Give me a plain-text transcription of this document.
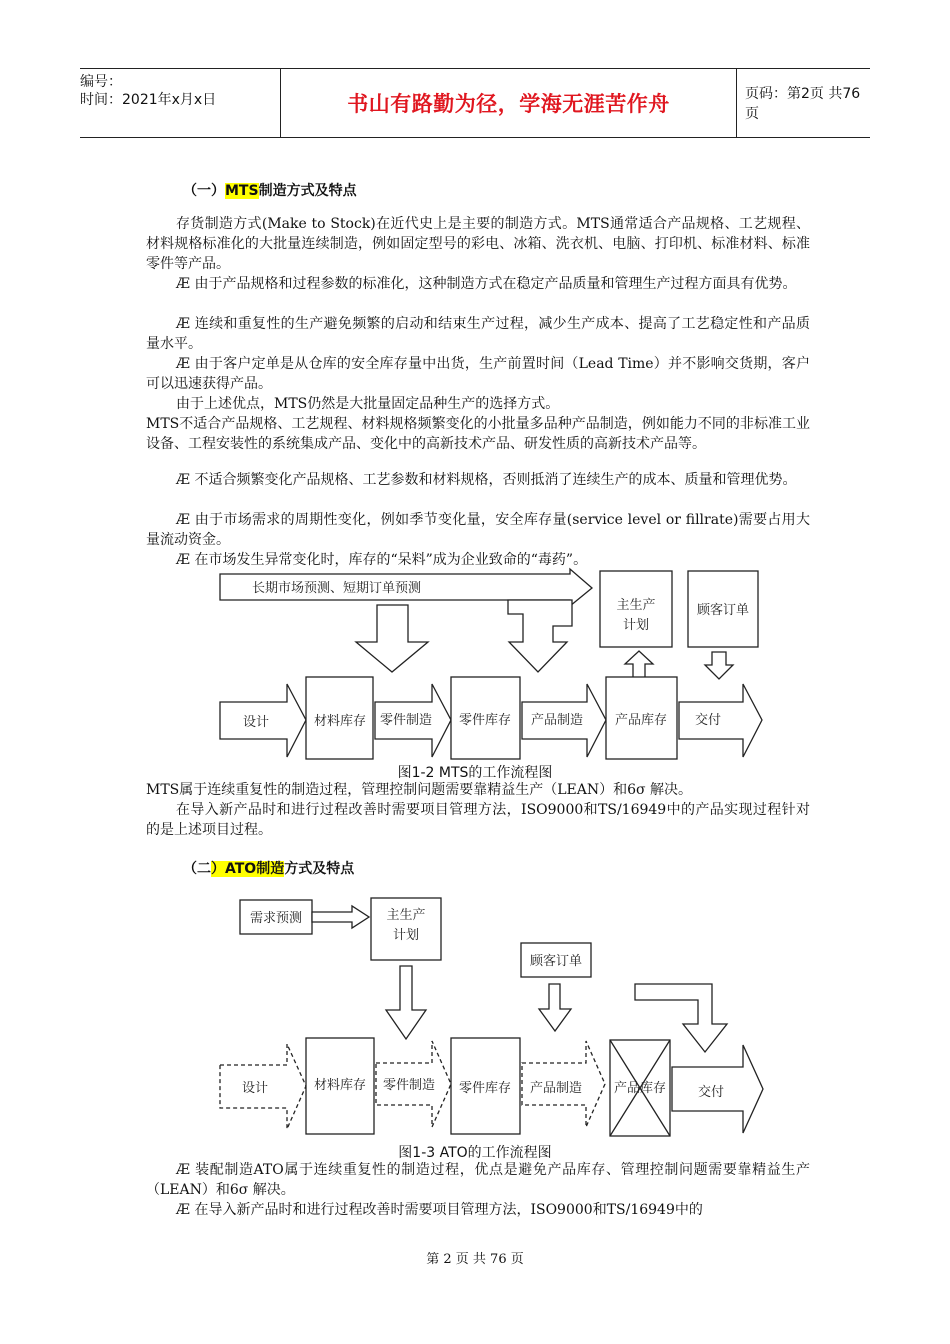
编号：
时间：2021年x月x日	书山有路勤为径，学海无涯苦作舟	页码：第2页 共76页
（一）MTS制造方式及特点
存货制造方式(Make to Stock)在近代史上是主要的制造方式。MTS通常适合产品规格、工艺规程、材料规格标准化的大批量连续制造，例如固定型号的彩电、冰箱、洗衣机、电脑、打印机、标准材料、标准零件等产品。
Æ 由于产品规格和过程参数的标准化，这种制造方式在稳定产品质量和管理生产过程方面具有优势。
Æ 连续和重复性的生产避免频繁的启动和结束生产过程，减少生产成本、提高了工艺稳定性和产品质量水平。
Æ 由于客户定单是从仓库的安全库存量中出货，生产前置时间（Lead Time）并不影响交货期，客户可以迅速获得产品。
由于上述优点，MTS仍然是大批量固定品种生产的选择方式。
MTS不适合产品规格、工艺规程、材料规格频繁变化的小批量多品种产品制造，例如能力不同的非标准工业设备、工程安装性的系统集成产品、变化中的高新技术产品、研发性质的高新技术产品等。
Æ 不适合频繁变化产品规格、工艺参数和材料规格，否则抵消了连续生产的成本、质量和管理优势。
Æ 由于市场需求的周期性变化，例如季节变化量，安全库存量(service level or fillrate)需要占用大量流动资金。
Æ 在市场发生异常变化时，库存的“呆料”成为企业致命的“毒药”。
长期市场预测、短期订单预测
主生产
计划
顾客订单
设计	材料库存 零件制造 零件库存 产品制造 产品库存 交付
需求预测	主生产
计划
顾客订单
设计	材料库存 零件制造 零件库存 产品制造 产品库存 交付
图1-2 MTS的工作流程图
MTS属于连续重复性的制造过程，管理控制问题需要靠精益生产（LEAN）和6σ 解决。
在导入新产品时和进行过程改善时需要项目管理方法，ISO9000和TS/16949中的产品实现过程针对的是上述项目过程。
（二）ATO制造方式及特点
图1-3 ATO的工作流程图
Æ 装配制造ATO属于连续重复性的制造过程，优点是避免产品库存、管理控制问题需要靠精益生产（LEAN）和6σ 解决。
Æ 在导入新产品时和进行过程改善时需要项目管理方法，ISO9000和TS/16949中的
第 2 页 共 76 页
